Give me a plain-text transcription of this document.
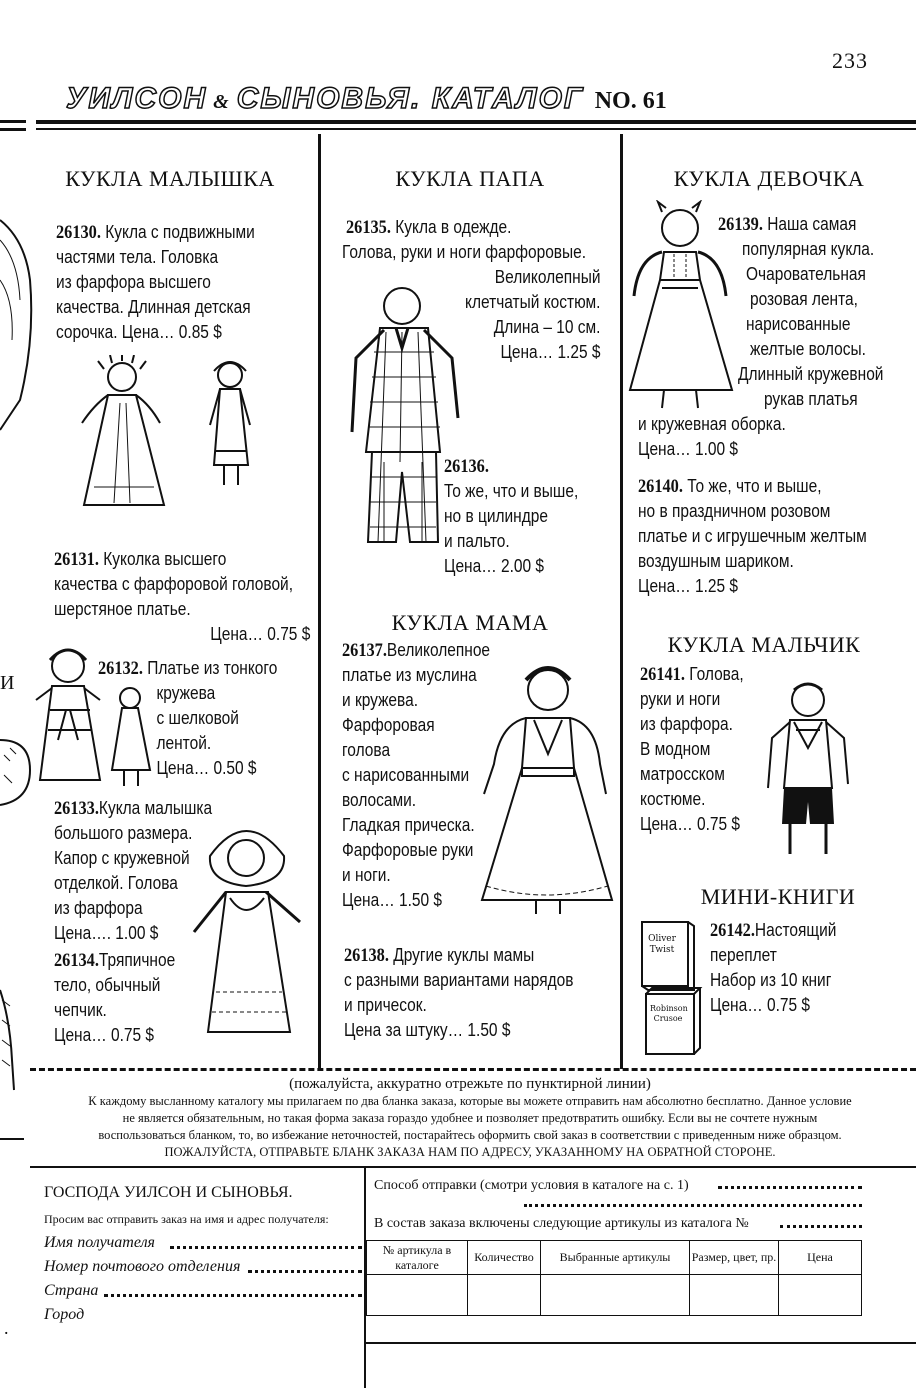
233
УИЛСОН & СЫНОВЬЯ. КАТАЛОГ NO. 61
И
КУКЛА МАЛЫШКА
26130. Кукла с подвижными
частями тела. Головка
из фарфора высшего
качества. Длинная детская
сорочка. Цена… 0.85 $
26131. Куколка высшего
качества с фарфоровой головой,
шерстяное платье.
Цена… 0.75 $
26132. Платье из тонкого
кружева
с шелковой
лентой.
Цена… 0.50 $
26133.Кукла малышка
большого размера.
Капор с кружевной
отделкой. Голова
из фарфора
Цена…. 1.00 $
26134.Тряпичное
тело, обычный
чепчик.
Цена… 0.75 $
КУКЛА ПАПА
26135. Кукла в одежде.
Голова, руки и ноги фарфоровые.
Великолепный
клетчатый костюм.
Длина – 10 см.
Цена… 1.25 $
26136.
То же, что и выше,
но в цилиндре
и пальто.
Цена… 2.00 $
КУКЛА МАМА
26137.Великолепное
платье из муслина
и кружева.
Фарфоровая
голова
с нарисованными
волосами.
Гладкая прическа.
Фарфоровые руки
и ноги.
Цена… 1.50 $
26138. Другие куклы мамы
с разными вариантами нарядов
и причесок.
Цена за штуку… 1.50 $
КУКЛА ДЕВОЧКА
26139. Наша самая
популярная кукла.
Очаровательная
розовая лента,
нарисованные
желтые волосы.
Длинный кружевной
рукав платья
и кружевная оборка.
Цена… 1.00 $
26140. То же, что и выше,
но в праздничном розовом
платье и с игрушечным желтым
воздушным шариком.
Цена… 1.25 $
КУКЛА МАЛЬЧИК
26141. Голова,
руки и ноги
из фарфора.
В модном
матросском
костюме.
Цена… 0.75 $
МИНИ-КНИГИ
Oliver
Twist
Robinson
Crusoe
26142.Настоящий
переплет
Набор из 10 книг
Цена… 0.75 $
(пожалуйста, аккуратно отрежьте по пунктирной линии)
К каждому высланному каталогу мы прилагаем по два бланка заказа, которые вы можете отправить нам абсолютно бесплатно. Данное условие
не является обязательным, но такая форма заказа гораздо удобнее и позволяет предотвратить ошибку. Если вы не сочтете нужным
воспользоваться бланком, то, во избежание неточностей, постарайтесь оформить свой заказ в соответствии с приведенным ниже образцом.
ПОЖАЛУЙСТА, ОТПРАВЬТЕ БЛАНК ЗАКАЗА НАМ ПО АДРЕСУ, УКАЗАННОМУ НА ОБРАТНОЙ СТОРОНЕ.
ГОСПОДА УИЛСОН И СЫНОВЬЯ.
Просим вас отправить заказ на имя и адрес получателя:
Имя получателя
Номер почтового отделения
Страна
Город
Способ отправки (смотри условия в каталоге на с. 1)
В состав заказа включены следующие артикулы из каталога №
№ артикула в каталоге	Количество	Выбранные артикулы	Размер, цвет, пр.	Цена

.
